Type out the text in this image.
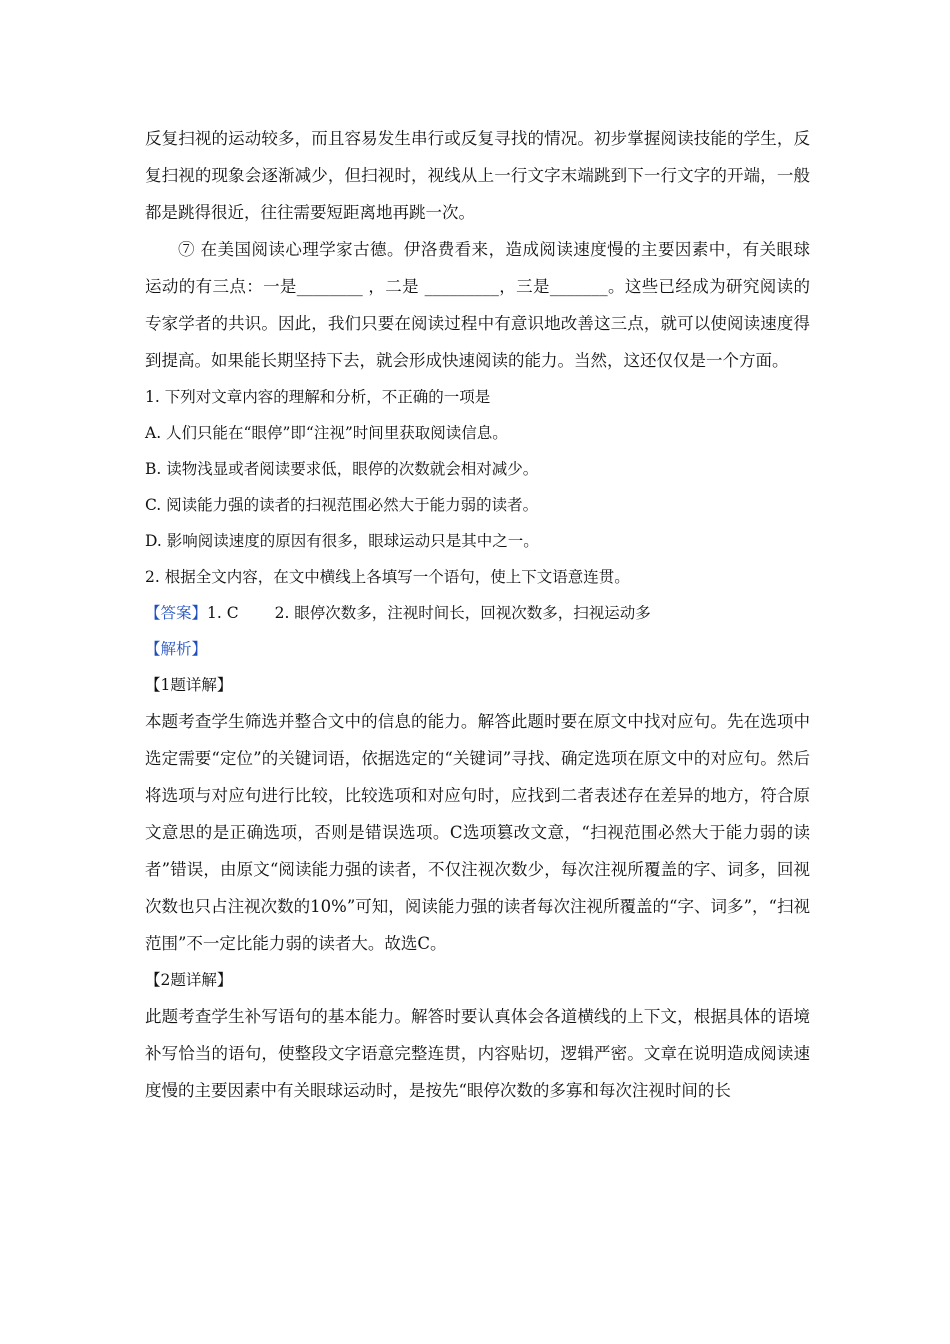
反复扫视的运动较多，而且容易发生串行或反复寻找的情况。初步掌握阅读技能的学生，反复扫视的现象会逐渐减少，但扫视时，视线从上一行文字末端跳到下一行文字的开端，一般都是跳得很近，往往需要短距离地再跳一次。

⑦ 在美国阅读心理学家古德。伊洛费看来，造成阅读速度慢的主要因素中，有关眼球运动的有三点：一是________ ，二是 _________，三是_______。这些已经成为研究阅读的专家学者的共识。因此，我们只要在阅读过程中有意识地改善这三点，就可以使阅读速度得到提高。如果能长期坚持下去，就会形成快速阅读的能力。当然，这还仅仅是一个方面。

1. 下列对文章内容的理解和分析，不正确的一项是

A. 人们只能在“眼停”即“注视”时间里获取阅读信息。

B. 读物浅显或者阅读要求低，眼停的次数就会相对减少。

C. 阅读能力强的读者的扫视范围必然大于能力弱的读者。

D. 影响阅读速度的原因有很多，眼球运动只是其中之一。

2. 根据全文内容，在文中横线上各填写一个语句，使上下文语意连贯。

【答案】1. C 2. 眼停次数多，注视时间长，回视次数多，扫视运动多

【解析】

【1题详解】

本题考查学生筛选并整合文中的信息的能力。解答此题时要在原文中找对应句。先在选项中选定需要“定位”的关键词语，依据选定的“关键词”寻找、确定选项在原文中的对应句。然后将选项与对应句进行比较，比较选项和对应句时，应找到二者表述存在差异的地方，符合原文意思的是正确选项，否则是错误选项。C选项篡改文意，“扫视范围必然大于能力弱的读者”错误，由原文“阅读能力强的读者，不仅注视次数少，每次注视所覆盖的字、词多，回视次数也只占注视次数的10%”可知，阅读能力强的读者每次注视所覆盖的“字、词多”，“扫视范围”不一定比能力弱的读者大。故选C。

【2题详解】

此题考查学生补写语句的基本能力。解答时要认真体会各道横线的上下文，根据具体的语境补写恰当的语句，使整段文字语意完整连贯，内容贴切，逻辑严密。文章在说明造成阅读速度慢的主要因素中有关眼球运动时，是按先“眼停次数的多寡和每次注视时间的长
